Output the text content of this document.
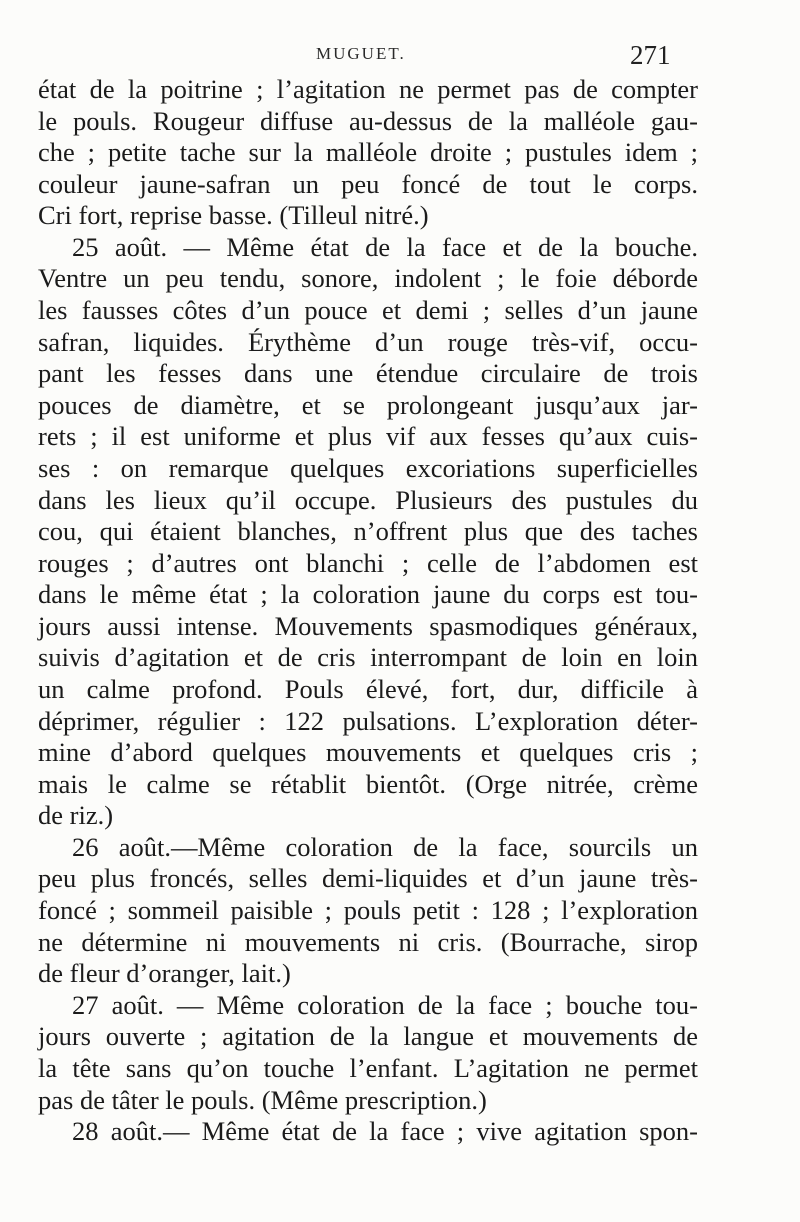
MUGUET.	271
état de la poitrine ; l’agitation ne permet pas de compter
le pouls. Rougeur diffuse au-dessus de la malléole gau-
che ; petite tache sur la malléole droite ; pustules idem ;
couleur jaune-safran un peu foncé de tout le corps.
Cri fort, reprise basse. (Tilleul nitré.)
25 août. — Même état de la face et de la bouche.
Ventre un peu tendu, sonore, indolent ; le foie déborde
les fausses côtes d’un pouce et demi ; selles d’un jaune
safran, liquides. Érythème d’un rouge très-vif, occu-
pant les fesses dans une étendue circulaire de trois
pouces de diamètre, et se prolongeant jusqu’aux jar-
rets ; il est uniforme et plus vif aux fesses qu’aux cuis-
ses : on remarque quelques excoriations superficielles
dans les lieux qu’il occupe. Plusieurs des pustules du
cou, qui étaient blanches, n’offrent plus que des taches
rouges ; d’autres ont blanchi ; celle de l’abdomen est
dans le même état ; la coloration jaune du corps est tou-
jours aussi intense. Mouvements spasmodiques généraux,
suivis d’agitation et de cris interrompant de loin en loin
un calme profond. Pouls élevé, fort, dur, difficile à
déprimer, régulier : 122 pulsations. L’exploration déter-
mine d’abord quelques mouvements et quelques cris ;
mais le calme se rétablit bientôt. (Orge nitrée, crème
de riz.)
26 août.—Même coloration de la face, sourcils un
peu plus froncés, selles demi-liquides et d’un jaune très-
foncé ; sommeil paisible ; pouls petit : 128 ; l’exploration
ne détermine ni mouvements ni cris. (Bourrache, sirop
de fleur d’oranger, lait.)
27 août. — Même coloration de la face ; bouche tou-
jours ouverte ; agitation de la langue et mouvements de
la tête sans qu’on touche l’enfant. L’agitation ne permet
pas de tâter le pouls. (Même prescription.)
28 août.— Même état de la face ; vive agitation spon-
